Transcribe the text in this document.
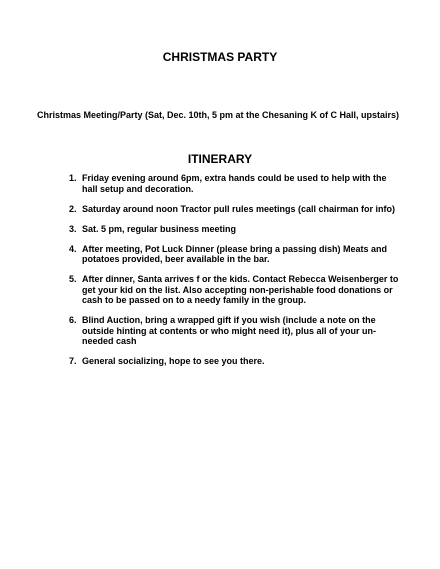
CHRISTMAS PARTY
Christmas Meeting/Party (Sat, Dec. 10th, 5 pm at the Chesaning K of C Hall, upstairs)
ITINERARY
1. Friday evening around 6pm, extra hands could be used to help with the hall setup and decoration.
2. Saturday around noon Tractor pull rules meetings (call chairman for info)
3. Sat. 5 pm, regular business meeting
4. After meeting, Pot Luck Dinner (please bring a passing dish) Meats and potatoes provided, beer available in the bar.
5. After dinner, Santa arrives f or the kids. Contact Rebecca Weisenberger to get your kid on the list. Also accepting non-perishable food donations or cash to be passed on to a needy family in the group.
6. Blind Auction, bring a wrapped gift if you wish (include a note on the outside hinting at contents or who might need it), plus all of your un-needed cash
7. General socializing, hope to see you there.
